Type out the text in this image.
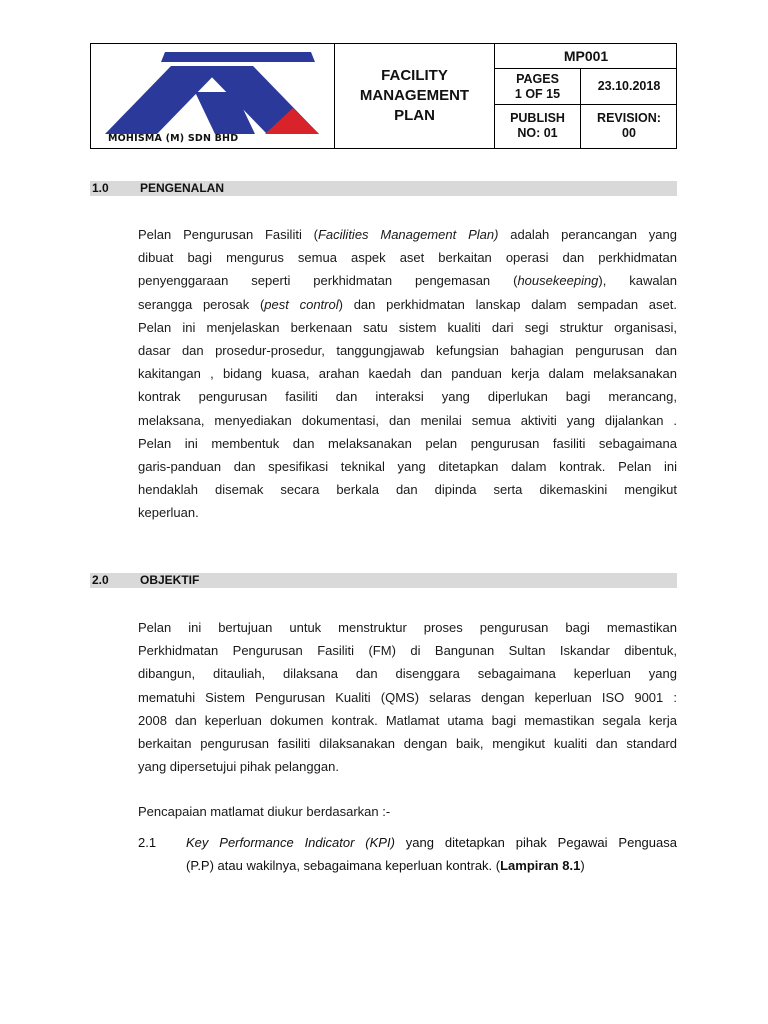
MOHISMA (M) SDN BHD
FACILITY
MANAGEMENT
PLAN
MP001
PAGES
1 OF 15
23.10.2018
PUBLISH
NO: 01
REVISION:
00
1.0	PENGENALAN
Pelan Pengurusan Fasiliti (Facilities Management Plan) adalah perancangan yang
dibuat bagi mengurus semua aspek aset berkaitan operasi dan perkhidmatan
penyenggaraan seperti perkhidmatan pengemasan (housekeeping), kawalan
serangga perosak (pest control) dan perkhidmatan lanskap dalam sempadan aset.
Pelan ini menjelaskan berkenaan satu sistem kualiti dari segi struktur organisasi,
dasar dan prosedur-prosedur, tanggungjawab kefungsian bahagian pengurusan dan
kakitangan , bidang kuasa, arahan kaedah dan panduan kerja dalam melaksanakan
kontrak pengurusan fasiliti dan interaksi yang diperlukan bagi merancang,
melaksana, menyediakan dokumentasi, dan menilai semua aktiviti yang dijalankan .
Pelan ini membentuk dan melaksanakan pelan pengurusan fasiliti sebagaimana
garis-panduan dan spesifikasi teknikal yang ditetapkan dalam kontrak. Pelan ini
hendaklah disemak secara berkala dan dipinda serta dikemaskini mengikut
keperluan.
2.0	OBJEKTIF
Pelan ini bertujuan untuk menstruktur proses pengurusan bagi memastikan
Perkhidmatan Pengurusan Fasiliti (FM) di Bangunan Sultan Iskandar dibentuk,
dibangun, ditauliah, dilaksana dan disenggara sebagaimana keperluan yang
mematuhi Sistem Pengurusan Kualiti (QMS) selaras dengan keperluan ISO 9001 :
2008 dan keperluan dokumen kontrak. Matlamat utama bagi memastikan segala kerja
berkaitan pengurusan fasiliti dilaksanakan dengan baik, mengikut kualiti dan standard
yang dipersetujui pihak pelanggan.
Pencapaian matlamat diukur berdasarkan :-
2.1 Key Performance Indicator (KPI) yang ditetapkan pihak Pegawai Penguasa
(P.P) atau wakilnya, sebagaimana keperluan kontrak. (Lampiran 8.1)
